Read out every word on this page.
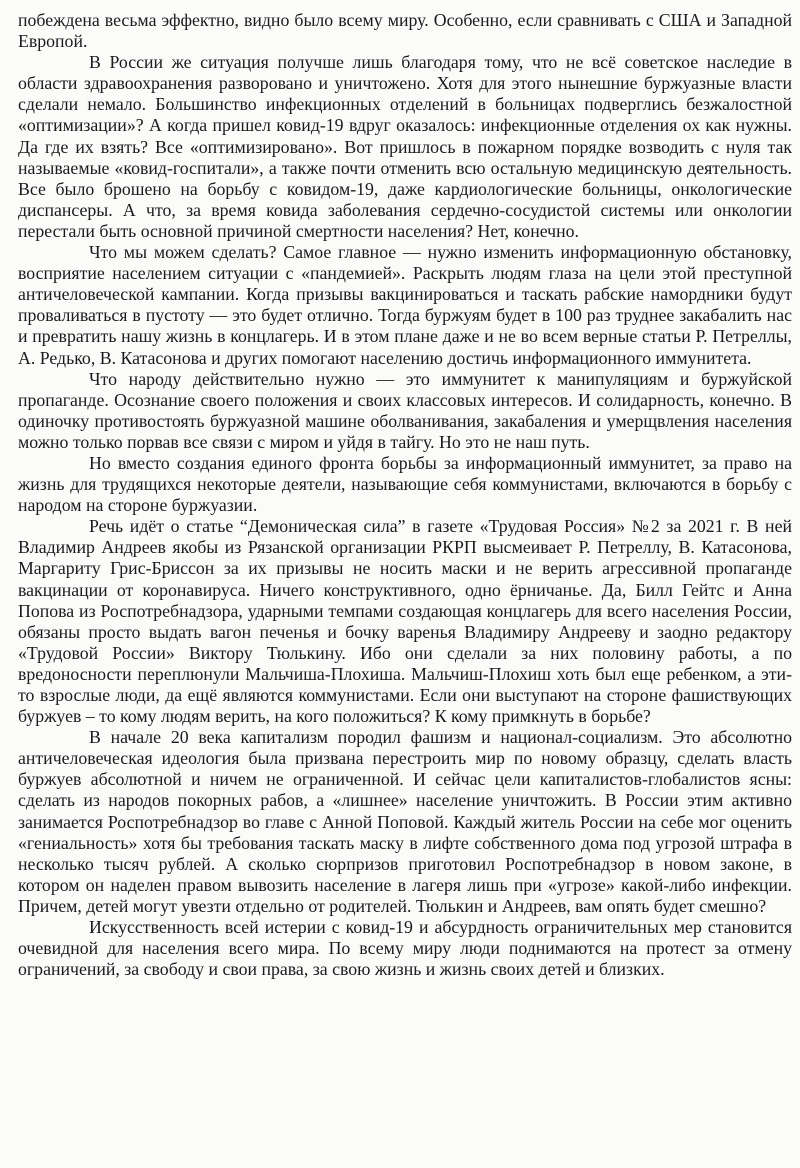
побеждена весьма эффектно, видно было всему миру. Особенно, если сравнивать с США и Западной Европой.

В России же ситуация получше лишь благодаря тому, что не всё советское наследие в области здравоохранения разворовано и уничтожено. Хотя для этого нынешние буржуазные власти сделали немало. Большинство инфекционных отделений в больницах подверглись безжалостной «оптимизации»? А когда пришел ковид-19 вдруг оказалось: инфекционные отделения ох как нужны. Да где их взять? Все «оптимизировано». Вот пришлось в пожарном порядке возводить с нуля так называемые «ковид-госпитали», а также почти отменить всю остальную медицинскую деятельность. Все было брошено на борьбу с ковидом-19, даже кардиологические больницы, онкологические диспансеры. А что, за время ковида заболевания сердечно-сосудистой системы или онкологии перестали быть основной причиной смертности населения? Нет, конечно.

Что мы можем сделать? Самое главное — нужно изменить информационную обстановку, восприятие населением ситуации с «пандемией». Раскрыть людям глаза на цели этой преступной античеловеческой кампании. Когда призывы вакцинироваться и таскать рабские намордники будут проваливаться в пустоту — это будет отлично. Тогда буржуям будет в 100 раз труднее закабалить нас и превратить нашу жизнь в концлагерь. И в этом плане даже и не во всем верные статьи Р. Петреллы, А. Редько, В. Катасонова и других помогают населению достичь информационного иммунитета.

Что народу действительно нужно — это иммунитет к манипуляциям и буржуйской пропаганде. Осознание своего положения и своих классовых интересов. И солидарность, конечно. В одиночку противостоять буржуазной машине оболванивания, закабаления и умерщвления населения можно только порвав все связи с миром и уйдя в тайгу. Но это не наш путь.

Но вместо создания единого фронта борьбы за информационный иммунитет, за право на жизнь для трудящихся некоторые деятели, называющие себя коммунистами, включаются в борьбу с народом на стороне буржуазии.

Речь идёт о статье “Демоническая сила” в газете «Трудовая Россия» №2 за 2021 г. В ней Владимир Андреев якобы из Рязанской организации РКРП высмеивает Р. Петреллу, В. Катасонова, Маргариту Грис-Бриссон за их призывы не носить маски и не верить агрессивной пропаганде вакцинации от коронавируса. Ничего конструктивного, одно ёрничанье. Да, Билл Гейтс и Анна Попова из Роспотребнадзора, ударными темпами создающая концлагерь для всего населения России, обязаны просто выдать вагон печенья и бочку варенья Владимиру Андрееву и заодно редактору «Трудовой России» Виктору Тюлькину. Ибо они сделали за них половину работы, а по вредоносности переплюнули Мальчиша-Плохиша. Мальчиш-Плохиш хоть был еще ребенком, а эти-то взрослые люди, да ещё являются коммунистами. Если они выступают на стороне фашиствующих буржуев – то кому людям верить, на кого положиться? К кому примкнуть в борьбе?

В начале 20 века капитализм породил фашизм и национал-социализм. Это абсолютно античеловеческая идеология была призвана перестроить мир по новому образцу, сделать власть буржуев абсолютной и ничем не ограниченной. И сейчас цели капиталистов-глобалистов ясны: сделать из народов покорных рабов, а «лишнее» население уничтожить. В России этим активно занимается Роспотребнадзор во главе с Анной Поповой. Каждый житель России на себе мог оценить «гениальность» хотя бы требования таскать маску в лифте собственного дома под угрозой штрафа в несколько тысяч рублей. А сколько сюрпризов приготовил Роспотребнадзор в новом законе, в котором он наделен правом вывозить население в лагеря лишь при «угрозе» какой-либо инфекции. Причем, детей могут увезти отдельно от родителей. Тюлькин и Андреев, вам опять будет смешно?

Искусственность всей истерии с ковид-19 и абсурдность ограничительных мер становится очевидной для населения всего мира. По всему миру люди поднимаются на протест за отмену ограничений, за свободу и свои права, за свою жизнь и жизнь своих детей и близких.
